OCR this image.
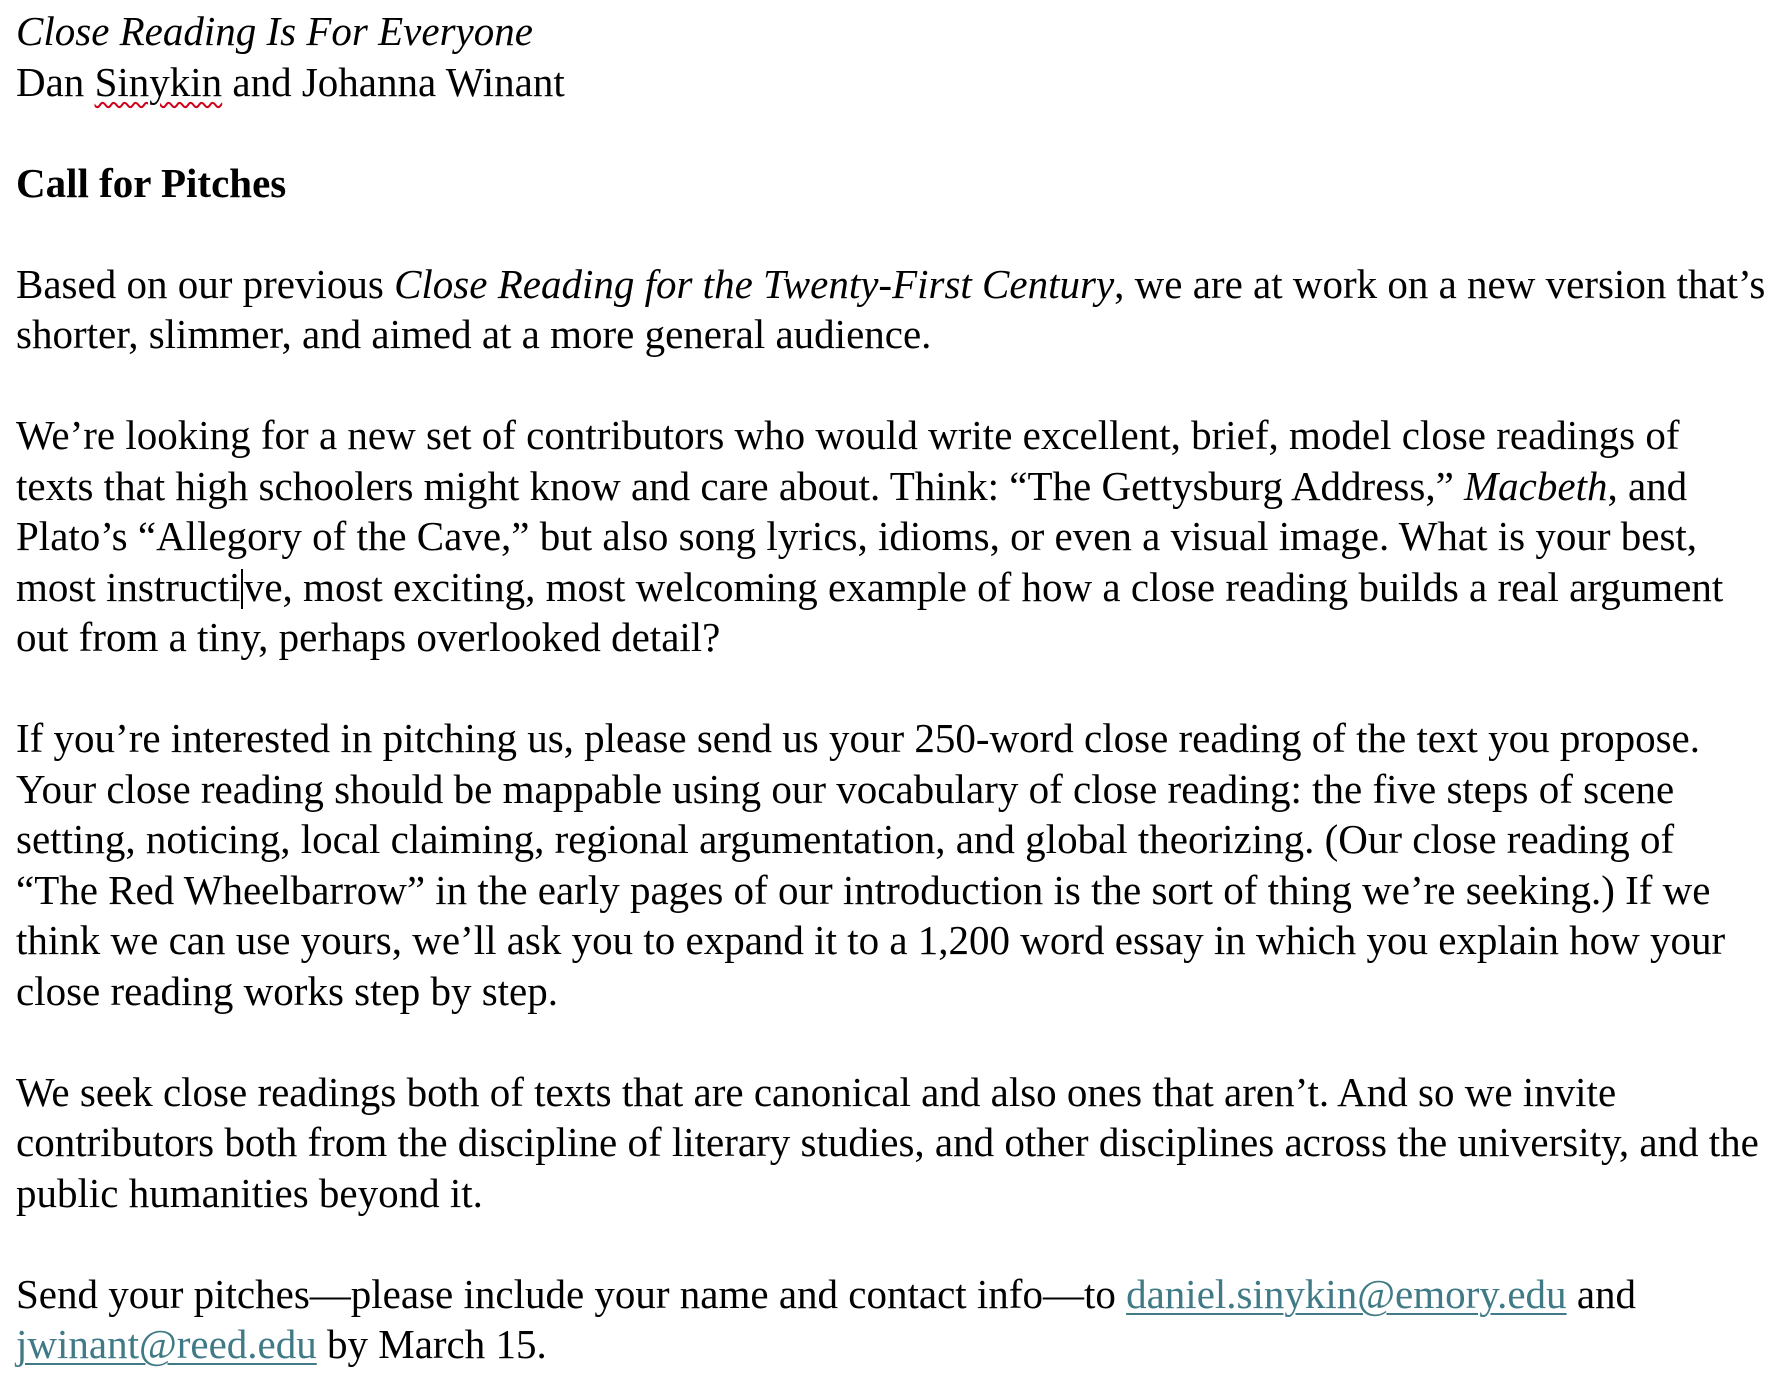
Close Reading Is For Everyone

Dan Sinykin and Johanna Winant

Call for Pitches

Based on our previous Close Reading for the Twenty-First Century, we are at work on a new version that’s shorter, slimmer, and aimed at a more general audience.

We’re looking for a new set of contributors who would write excellent, brief, model close readings of texts that high schoolers might know and care about. Think: “The Gettysburg Address,” Macbeth, and Plato’s “Allegory of the Cave,” but also song lyrics, idioms, or even a visual image. What is your best, most instructive, most exciting, most welcoming example of how a close reading builds a real argument out from a tiny, perhaps overlooked detail?

If you’re interested in pitching us, please send us your 250-word close reading of the text you propose. Your close reading should be mappable using our vocabulary of close reading: the five steps of scene setting, noticing, local claiming, regional argumentation, and global theorizing. (Our close reading of “The Red Wheelbarrow” in the early pages of our introduction is the sort of thing we’re seeking.) If we think we can use yours, we’ll ask you to expand it to a 1,200 word essay in which you explain how your close reading works step by step.

We seek close readings both of texts that are canonical and also ones that aren’t. And so we invite contributors both from the discipline of literary studies, and other disciplines across the university, and the public humanities beyond it.

Send your pitches—please include your name and contact info—to daniel.sinykin@emory.edu and jwinant@reed.edu by March 15.
